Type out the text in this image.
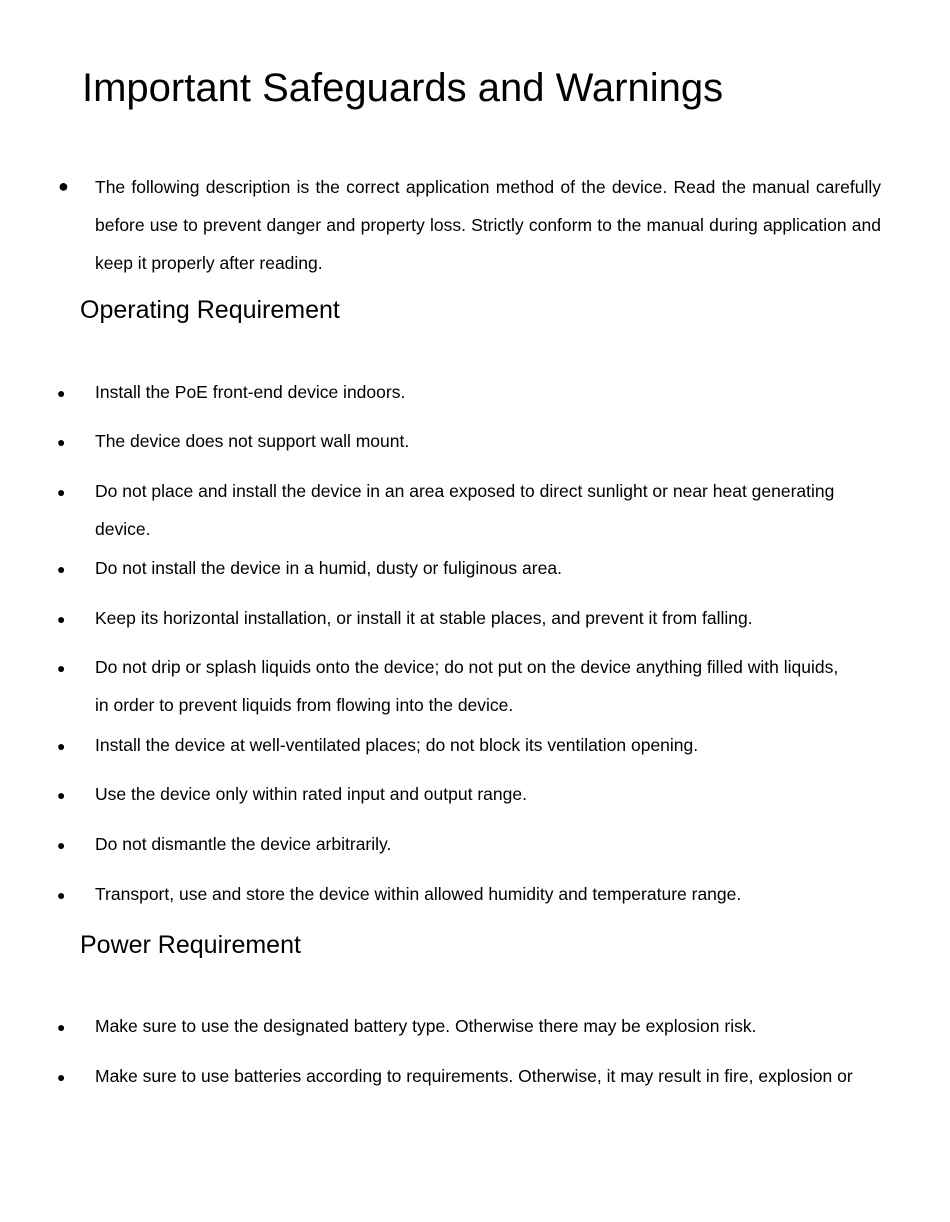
Important Safeguards and Warnings
● The following description is the correct application method of the device. Read the manual carefully before use to prevent danger and property loss. Strictly conform to the manual during application and keep it properly after reading.

Operating Requirement
● Install the PoE front-end device indoors.

● The device does not support wall mount.

● Do not place and install the device in an area exposed to direct sunlight or near heat generating device.

● Do not install the device in a humid, dusty or fuliginous area.

● Keep its horizontal installation, or install it at stable places, and prevent it from falling.

● Do not drip or splash liquids onto the device; do not put on the device anything filled with liquids, in order to prevent liquids from flowing into the device.

● Install the device at well-ventilated places; do not block its ventilation opening.

● Use the device only within rated input and output range.

● Do not dismantle the device arbitrarily.

● Transport, use and store the device within allowed humidity and temperature range.

Power Requirement
● Make sure to use the designated battery type. Otherwise there may be explosion risk.

● Make sure to use batteries according to requirements. Otherwise, it may result in fire, explosion or
